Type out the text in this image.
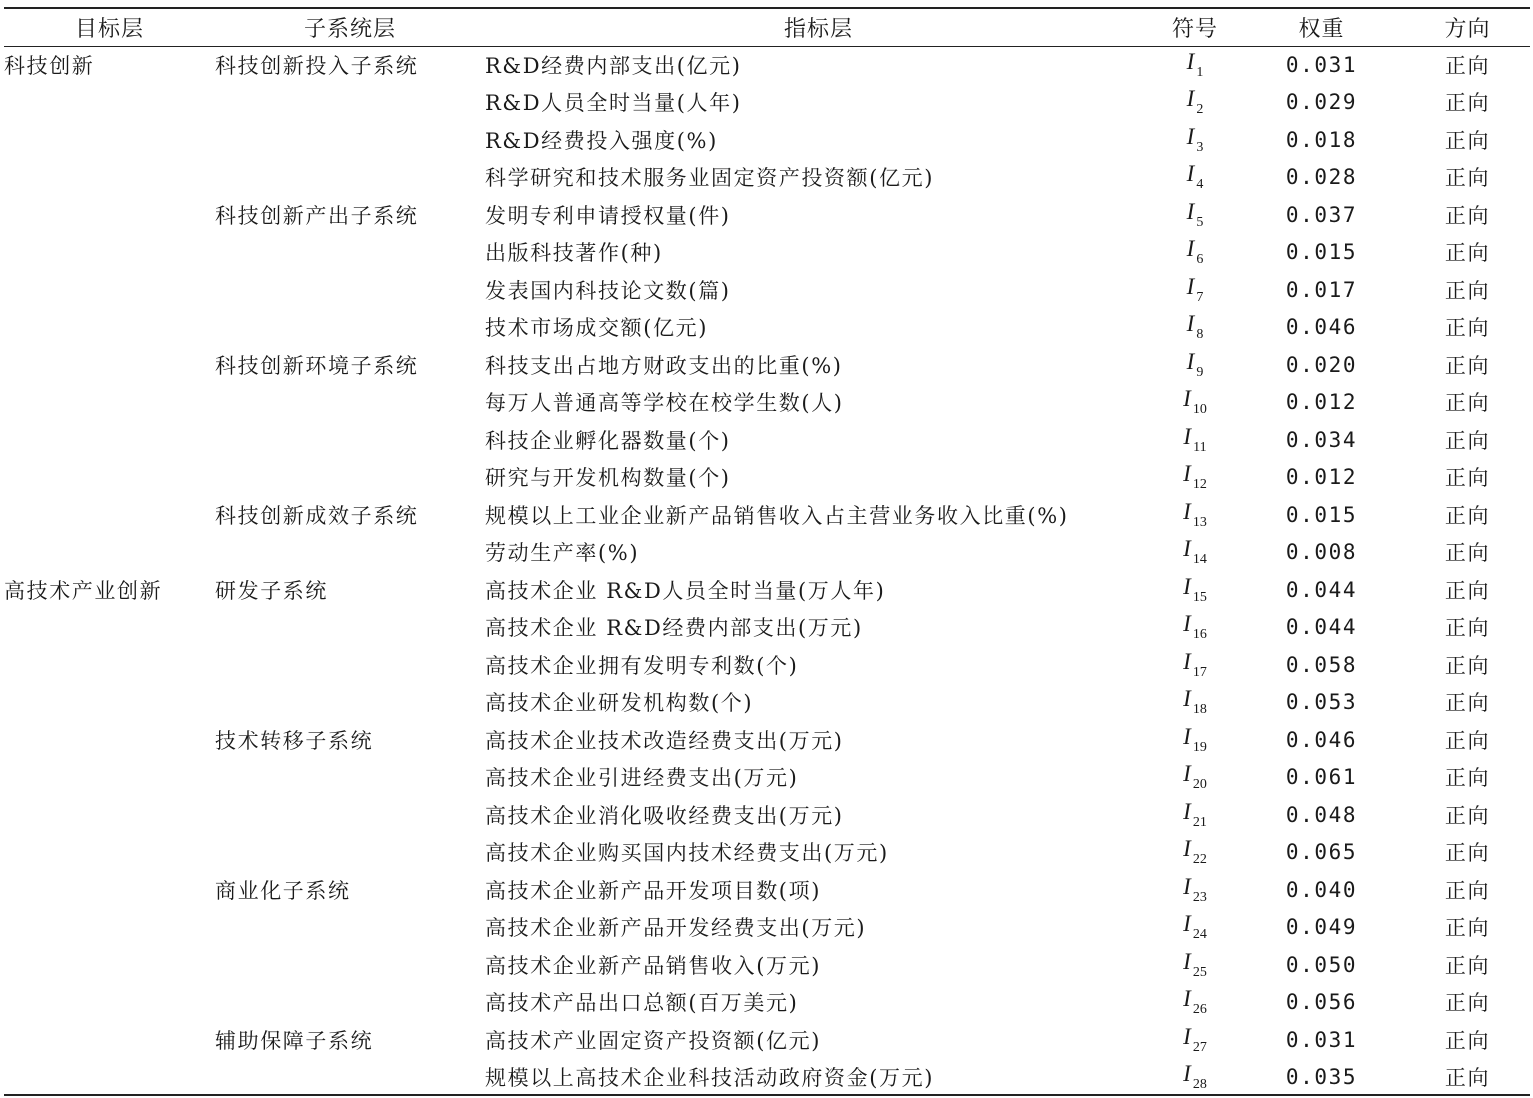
目标层	子系统层	指标层	符号	权重	方向
科技创新	科技创新投入子系统	R&D经费内部支出(亿元)	I $_1$	0.031	正向
		R&D人员全时当量(人年)	I $_2$	0.029	正向
		R&D经费投入强度(%)	I $_3$	0.018	正向
		科学研究和技术服务业固定资产投资额(亿元)	I $_4$	0.028	正向
	科技创新产出子系统	发明专利申请授权量(件)	I $_5$	0.037	正向
		出版科技著作(种)	I $_6$	0.015	正向
		发表国内科技论文数(篇)	I $_7$	0.017	正向
		技术市场成交额(亿元)	I $_8$	0.046	正向
	科技创新环境子系统	科技支出占地方财政支出的比重(%)	I $_9$	0.020	正向
		每万人普通高等学校在校学生数(人)	I $_{10}$	0.012	正向
		科技企业孵化器数量(个)	I $_{11}$	0.034	正向
		研究与开发机构数量(个)	I $_{12}$	0.012	正向
	科技创新成效子系统	规模以上工业企业新产品销售收入占主营业务收入比重(%)	I $_{13}$	0.015	正向
		劳动生产率(%)	I $_{14}$	0.008	正向
高技术产业创新	研发子系统	高技术企业 R&D人员全时当量(万人年)	I $_{15}$	0.044	正向
		高技术企业 R&D经费内部支出(万元)	I $_{16}$	0.044	正向
		高技术企业拥有发明专利数(个)	I $_{17}$	0.058	正向
		高技术企业研发机构数(个)	I $_{18}$	0.053	正向
	技术转移子系统	高技术企业技术改造经费支出(万元)	I $_{19}$	0.046	正向
		高技术企业引进经费支出(万元)	I $_{20}$	0.061	正向
		高技术企业消化吸收经费支出(万元)	I $_{21}$	0.048	正向
		高技术企业购买国内技术经费支出(万元)	I $_{22}$	0.065	正向
	商业化子系统	高技术企业新产品开发项目数(项)	I $_{23}$	0.040	正向
		高技术企业新产品开发经费支出(万元)	I $_{24}$	0.049	正向
		高技术企业新产品销售收入(万元)	I $_{25}$	0.050	正向
		高技术产品出口总额(百万美元)	I $_{26}$	0.056	正向
	辅助保障子系统	高技术产业固定资产投资额(亿元)	I $_{27}$	0.031	正向
		规模以上高技术企业科技活动政府资金(万元)	I $_{28}$	0.035	正向
